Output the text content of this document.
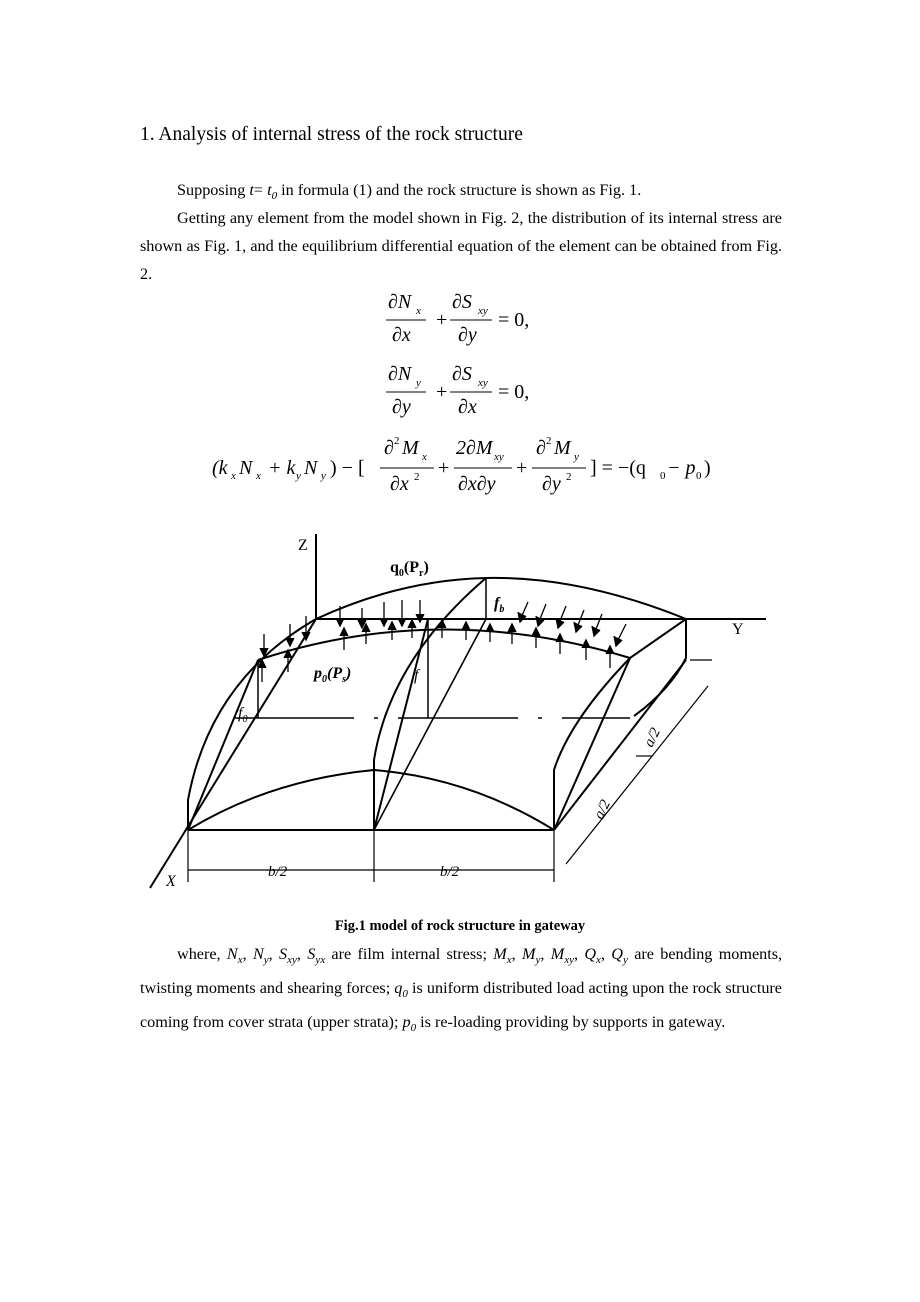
1. Analysis of internal stress of the rock structure
Supposing $t= t_0$ in formula (1) and the rock structure is shown as Fig. 1.
Getting any element from the model shown in Fig. 2, the distribution of its internal stress are shown as Fig. 1, and the equilibrium differential equation of the element can be obtained from Fig. 2.
∂N x
∂x
+
∂S xy
∂y
= 0,
∂N y
∂y
+
∂S xy
∂x
= 0,
(k x N x + k y N y ) − [
∂ 2 M x
∂x 2 +
2∂M xy
∂x∂y
+
∂ 2 M y
∂y 2 ] = −(q 0 − p 0 )
Z
Y
X
$q_0(P_r)$
$p_0(P_s)$
$f_b$
f
$f_0$
b/2	b/2
a/2
a/2
Fig.1 model of rock structure in gateway
where, $N_x$, $N_y$, $S_{xy}$, $S_{yx}$ are film internal stress; $M_x$, $M_y$, $M_{xy}$, $Q_x$, $Q_y$ are bending moments, twisting moments and shearing forces; $q_0$ is uniform distributed load acting upon the rock structure coming from cover strata (upper strata); $p_0$ is re-loading providing by supports in gateway.
